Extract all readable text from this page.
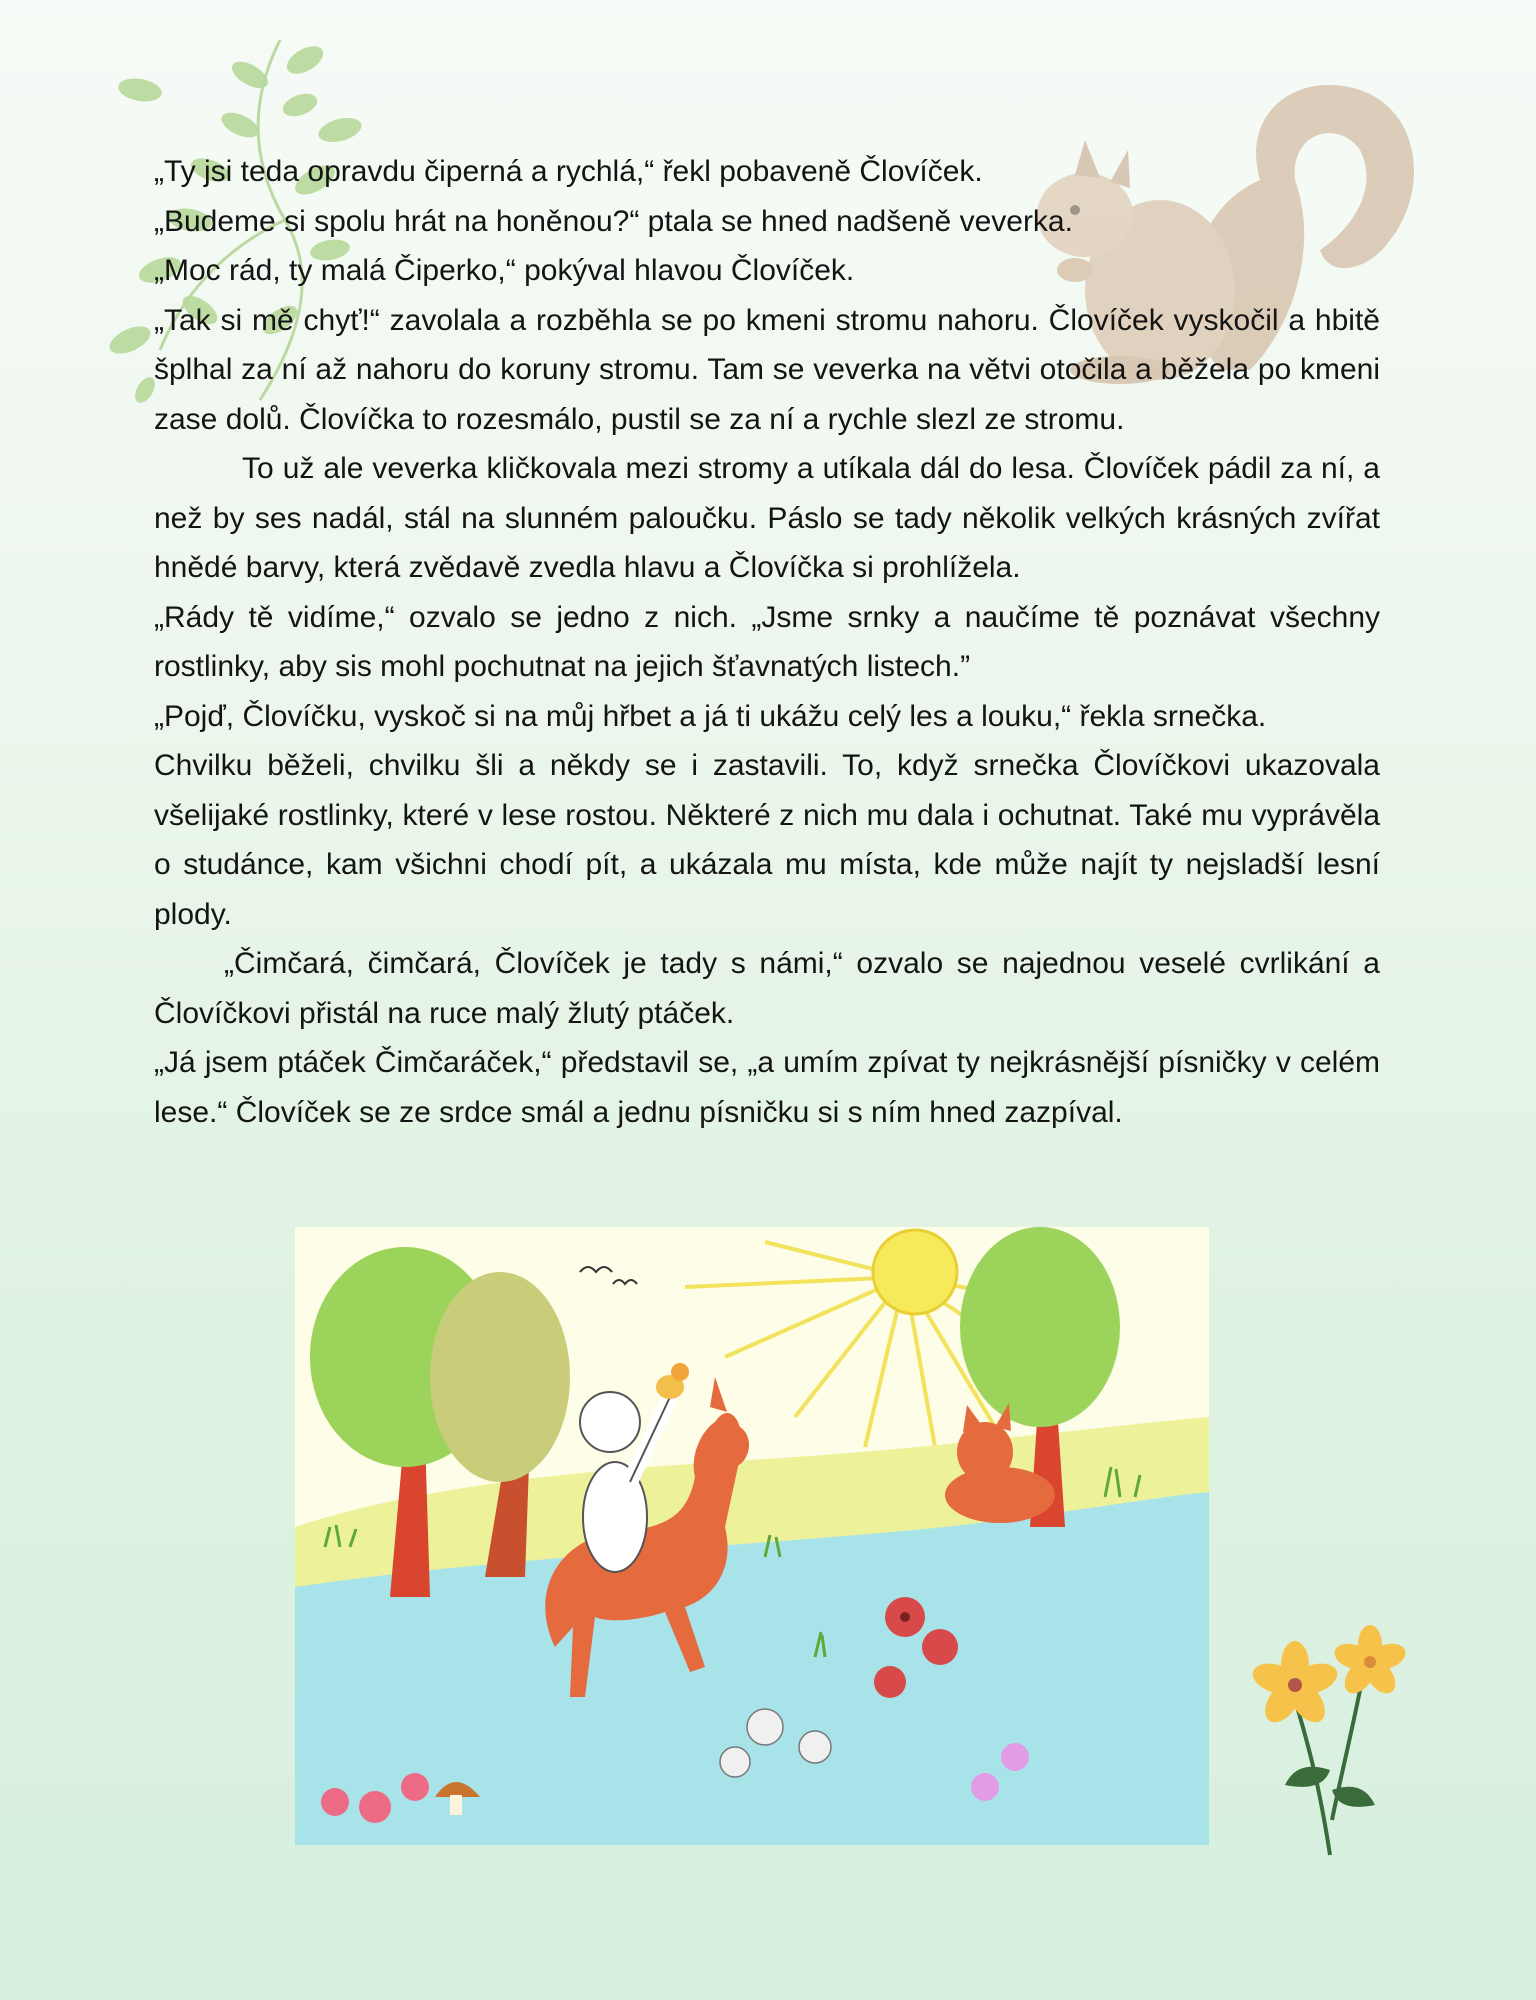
„Ty jsi teda opravdu čiperná a rychlá,“ řekl pobaveně Človíček.

„Budeme si spolu hrát na honěnou?“ ptala se hned nadšeně veverka.

„Moc rád, ty malá Čiperko,“ pokýval hlavou Človíček.

„Tak si mě chyť!“ zavolala a rozběhla se po kmeni stromu nahoru. Človíček vyskočil a hbitě šplhal za ní až nahoru do koruny stromu. Tam se veverka na větvi otočila a běžela po kmeni zase dolů. Človíčka to rozesmálo, pustil se za ní a rychle slezl ze stromu.

To už ale veverka kličkovala mezi stromy a utíkala dál do lesa. Človíček pádil za ní, a než by ses nadál, stál na slunném paloučku. Páslo se tady několik velkých krásných zvířat hnědé barvy, která zvědavě zvedla hlavu a Človíčka si prohlížela.

„Rády tě vidíme,“ ozvalo se jedno z nich. „Jsme srnky a naučíme tě poznávat všechny rostlinky, aby sis mohl pochutnat na jejich šťavnatých listech.”

„Pojď, Človíčku, vyskoč si na můj hřbet a já ti ukážu celý les a louku,“ řekla srnečka.

Chvilku běželi, chvilku šli a někdy se i zastavili. To, když srnečka Človíčkovi ukazovala všelijaké rostlinky, které v lese rostou. Některé z nich mu dala i ochutnat. Také mu vyprávěla o studánce, kam všichni chodí pít, a ukázala mu místa, kde může najít ty nejsladší lesní plody.

„Čimčará, čimčará, Človíček je tady s námi,“ ozvalo se najednou veselé cvrlikání a Človíčkovi přistál na ruce malý žlutý ptáček.

„Já jsem ptáček Čimčaráček,“ představil se, „a umím zpívat ty nejkrásnější písničky v celém lese.“ Človíček se ze srdce smál a jednu písničku si s ním hned zazpíval.
